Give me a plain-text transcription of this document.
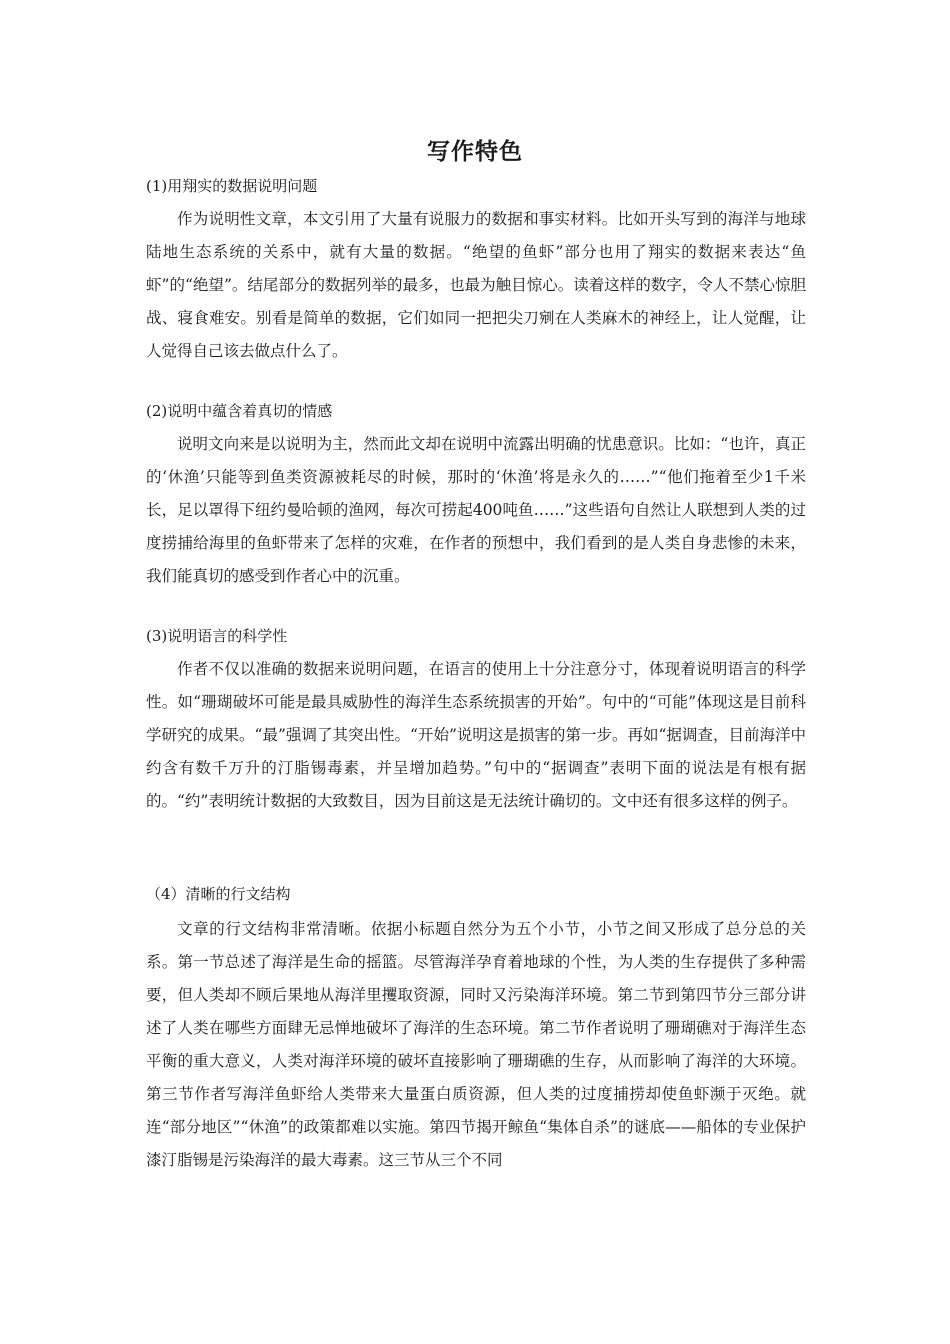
写作特色

(1)用翔实的数据说明问题

作为说明性文章，本文引用了大量有说服力的数据和事实材料。比如开头写到的海洋与地球陆地生态系统的关系中，就有大量的数据。“绝望的鱼虾”部分也用了翔实的数据来表达“鱼虾”的“绝望”。结尾部分的数据列举的最多，也最为触目惊心。读着这样的数字，令人不禁心惊胆战、寝食难安。别看是简单的数据，它们如同一把把尖刀剜在人类麻木的神经上，让人觉醒，让人觉得自己该去做点什么了。

(2)说明中蕴含着真切的情感

说明文向来是以说明为主，然而此文却在说明中流露出明确的忧患意识。比如：“也许，真正的‘休渔’只能等到鱼类资源被耗尽的时候，那时的‘休渔’将是永久的……”“他们拖着至少1千米长，足以罩得下纽约曼哈顿的渔网，每次可捞起400吨鱼……”这些语句自然让人联想到人类的过度捞捕给海里的鱼虾带来了怎样的灾难，在作者的预想中，我们看到的是人类自身悲惨的未来，我们能真切的感受到作者心中的沉重。

(3)说明语言的科学性

作者不仅以准确的数据来说明问题，在语言的使用上十分注意分寸，体现着说明语言的科学性。如“珊瑚破坏可能是最具威胁性的海洋生态系统损害的开始”。句中的“可能”体现这是目前科学研究的成果。“最”强调了其突出性。“开始”说明这是损害的第一步。再如“据调查，目前海洋中约含有数千万升的汀脂锡毒素，并呈增加趋势。”句中的“据调查”表明下面的说法是有根有据的。“约”表明统计数据的大致数目，因为目前这是无法统计确切的。文中还有很多这样的例子。

（4）清晰的行文结构

文章的行文结构非常清晰。依据小标题自然分为五个小节，小节之间又形成了总分总的关系。第一节总述了海洋是生命的摇篮。尽管海洋孕育着地球的个性，为人类的生存提供了多种需要，但人类却不顾后果地从海洋里攫取资源，同时又污染海洋环境。第二节到第四节分三部分讲述了人类在哪些方面肆无忌惮地破坏了海洋的生态环境。第二节作者说明了珊瑚礁对于海洋生态平衡的重大意义，人类对海洋环境的破坏直接影响了珊瑚礁的生存，从而影响了海洋的大环境。第三节作者写海洋鱼虾给人类带来大量蛋白质资源，但人类的过度捕捞却使鱼虾濒于灭绝。就连“部分地区”“休渔”的政策都难以实施。第四节揭开鲸鱼“集体自杀”的谜底——船体的专业保护漆汀脂锡是污染海洋的最大毒素。这三节从三个不同
